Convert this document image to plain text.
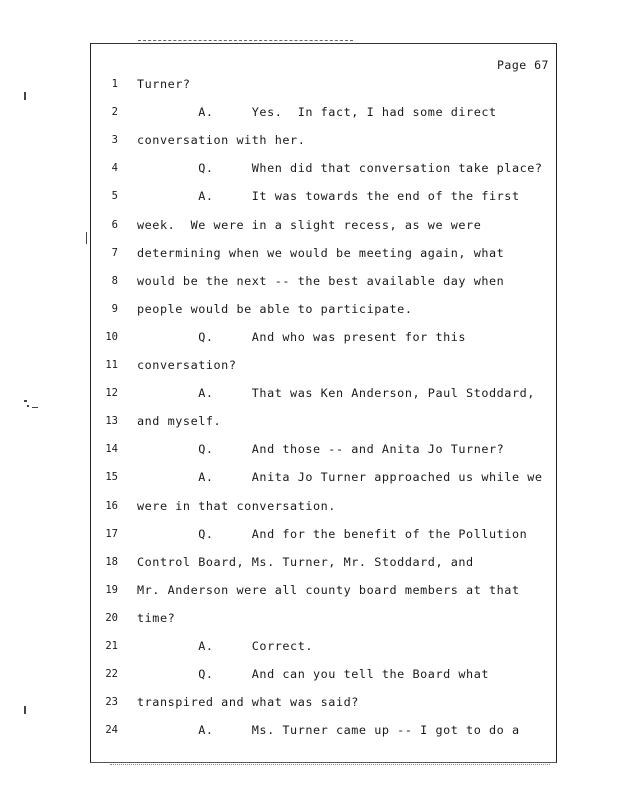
Page 67
1 Turner?
2 A.     Yes.  In fact, I had some direct
3 conversation with her.
4 Q.     When did that conversation take place?
5 A.     It was towards the end of the first
6 week.  We were in a slight recess, as we were
7 determining when we would be meeting again, what
8 would be the next -- the best available day when
9 people would be able to participate.
10 Q.     And who was present for this
11 conversation?
12 A.     That was Ken Anderson, Paul Stoddard,
13 and myself.
14 Q.     And those -- and Anita Jo Turner?
15 A.     Anita Jo Turner approached us while we
16 were in that conversation.
17 Q.     And for the benefit of the Pollution
18 Control Board, Ms. Turner, Mr. Stoddard, and
19 Mr. Anderson were all county board members at that
20 time?
21 A.     Correct.
22 Q.     And can you tell the Board what
23 transpired and what was said?
24 A.     Ms. Turner came up -- I got to do a
